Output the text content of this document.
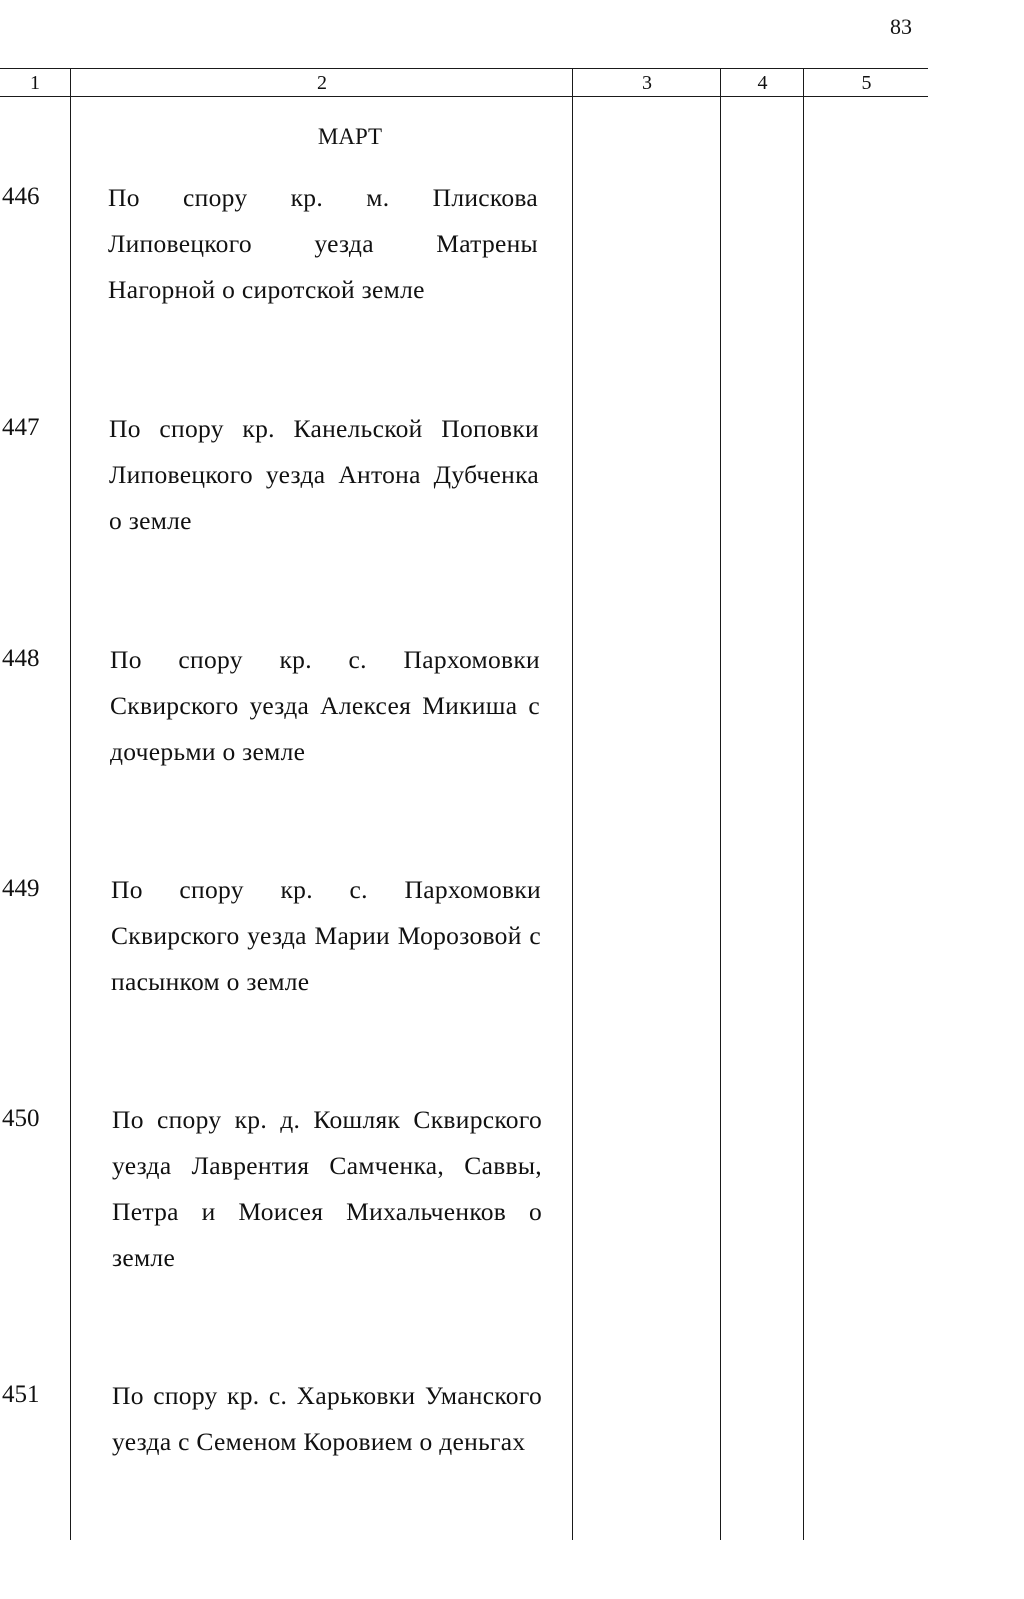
83
1	2	3	4	5
МАРТ
446	По спору кр. м. Плискова Липовецкого уезда Матрены Нагорной о сиротской земле
447	По спору кр. Канельской Поповки Липовецкого уезда Антона Дубченка о земле
448	По спору кр. с. Пархомовки Сквирского уезда Алексея Микиша с дочерьми о земле
449	По спору кр. с. Пархомовки Сквирского уезда Марии Морозовой с пасынком о земле
450	По спору кр. д. Кошляк Сквирского уезда Лаврентия Самченка, Саввы, Петра и Моисея Михальченков о земле
451	По спору кр. с. Харьковки Уманского уезда с Семеном Коровием о деньгах
